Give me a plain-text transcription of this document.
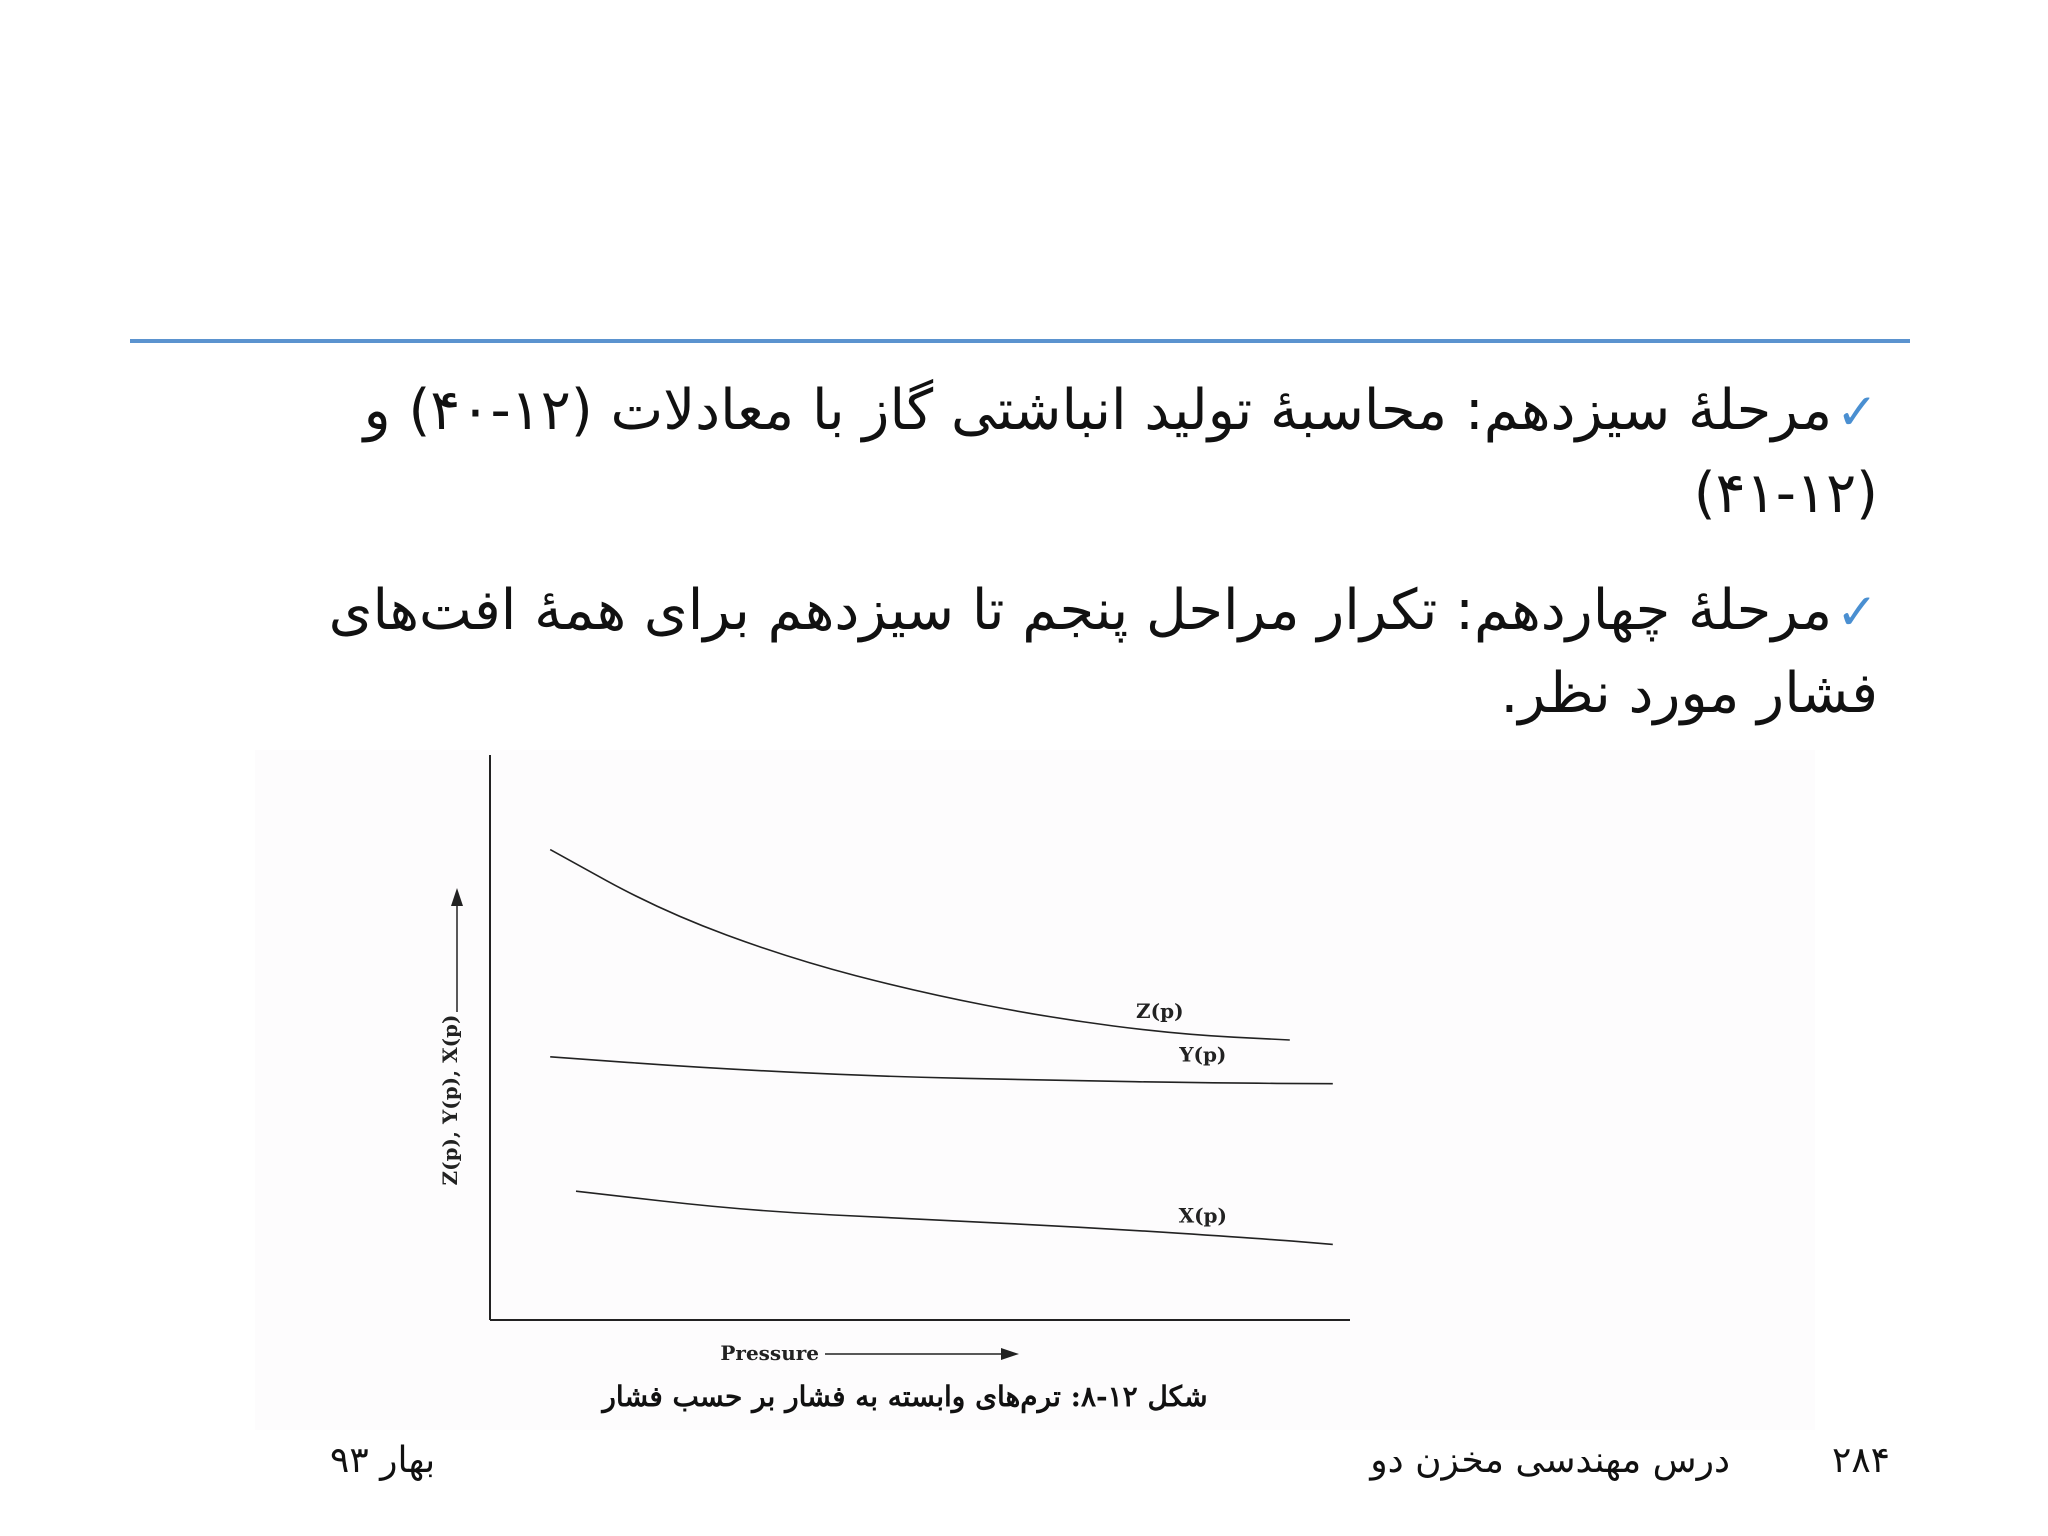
✓مرحلۀ سیزدهم: محاسبۀ تولید انباشتی گاز با معادلات (۱۲-۴۰) و (۱۲-۴۱)
✓مرحلۀ چهاردهم: تکرار مراحل پنجم تا سیزدهم برای همۀ افت‌های فشار مورد نظر.
Pressure
Z(p), Y(p), X(p)
Z(p)
Y(p)
X(p)
شکل ۱۲-۸: ترم‌های وابسته به فشار بر حسب فشار
۲۸۴
درس مهندسی مخزن دو
بهار ۹۳
